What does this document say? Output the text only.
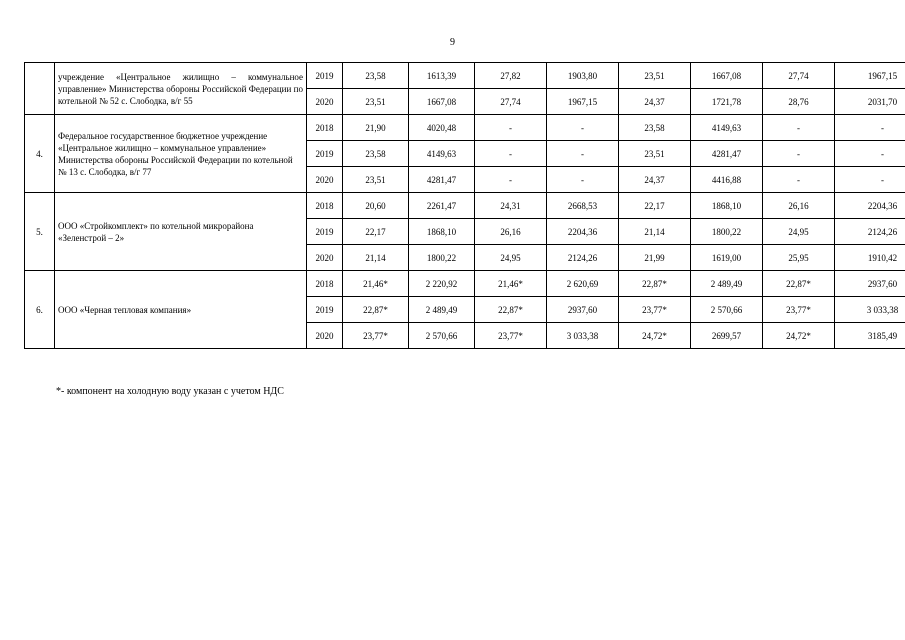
9
	учреждение «Центральное жилищно – коммунальное управление» Министерства обороны Российской Федерации по котельной № 52 с. Слободка, в/г 55	2019	23,58	1613,39	27,82	1903,80	23,51	1667,08	27,74	1967,15
		2020	23,51	1667,08	27,74	1967,15	24,37	1721,78	28,76	2031,70
4.	Федеральное государственное бюджетное учреждение «Центральное жилищно – коммунальное управление» Министерства обороны Российской Федерации по котельной № 13 с. Слободка, в/г 77	2018	21,90	4020,48	-	-	23,58	4149,63	-	-
		2019	23,58	4149,63	-	-	23,51	4281,47	-	-
		2020	23,51	4281,47	-	-	24,37	4416,88	-	-
5.	ООО «Стройкомплект» по котельной микрорайона «Зеленстрой – 2»	2018	20,60	2261,47	24,31	2668,53	22,17	1868,10	26,16	2204,36
		2019	22,17	1868,10	26,16	2204,36	21,14	1800,22	24,95	2124,26
		2020	21,14	1800,22	24,95	2124,26	21,99	1619,00	25,95	1910,42
6.	ООО «Черная тепловая компания»	2018	21,46*	2 220,92	21,46*	2 620,69	22,87*	2 489,49	22,87*	2937,60
		2019	22,87*	2 489,49	22,87*	2937,60	23,77*	2 570,66	23,77*	3 033,38
		2020	23,77*	2 570,66	23,77*	3 033,38	24,72*	2699,57	24,72*	3185,49
*- компонент на холодную воду указан с учетом НДС
